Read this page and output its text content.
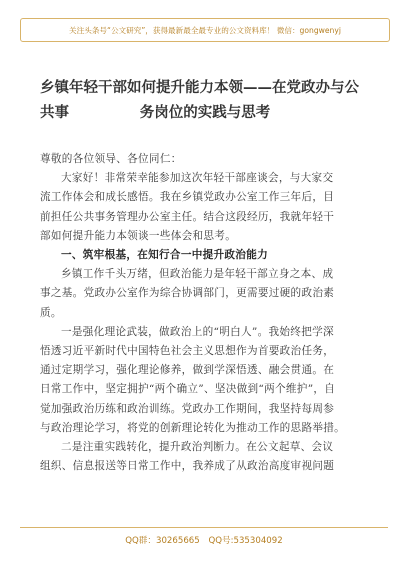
关注头条号“公文研究”，获得最新最全最专业的公文资料库！ 微信：gongwenyj
乡镇年轻干部如何提升能力本领——在党政办与公共事	务岗位的实践与思考
尊敬的各位领导、各位同仁：
大家好！非常荣幸能参加这次年轻干部座谈会，与大家交
流工作体会和成长感悟。我在乡镇党政办公室工作三年后，目
前担任公共事务管理办公室主任。结合这段经历，我就年轻干
部如何提升能力本领谈一些体会和思考。
一、筑牢根基，在知行合一中提升政治能力
乡镇工作千头万绪，但政治能力是年轻干部立身之本、成
事之基。党政办公室作为综合协调部门，更需要过硬的政治素
质。
一是强化理论武装，做政治上的“明白人”。我始终把学深
悟透习近平新时代中国特色社会主义思想作为首要政治任务，
通过定期学习，强化理论修养，做到学深悟透、融会贯通。在
日常工作中，坚定拥护“两个确立”、坚决做到“两个维护”，自
觉加强政治历练和政治训练。党政办工作期间，我坚持每周参
与政治理论学习，将党的创新理论转化为推动工作的思路举措。
二是注重实践转化，提升政治判断力。在公文起草、会议
组织、信息报送等日常工作中，我养成了从政治高度审视问题
QQ群：30265665 QQ号:535304092
